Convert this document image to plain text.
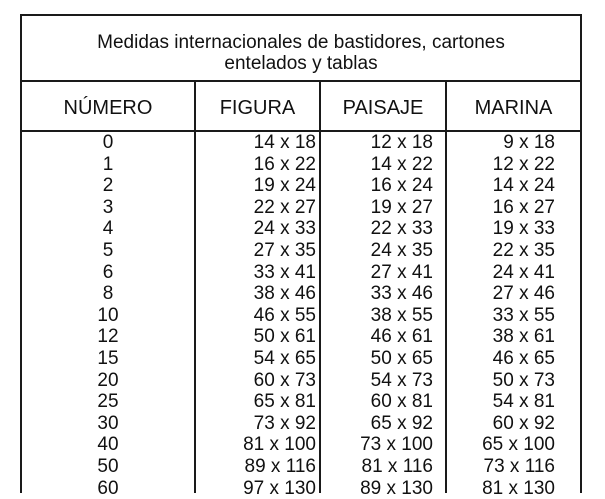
Medidas internacionales de bastidores, cartones
entelados y tablas
NÚMERO	FIGURA	PAISAJE	MARINA
0	14 x 18	12 x 18	9 x 18
1	16 x 22	14 x 22	12 x 22
2	19 x 24	16 x 24	14 x 24
3	22 x 27	19 x 27	16 x 27
4	24 x 33	22 x 33	19 x 33
5	27 x 35	24 x 35	22 x 35
6	33 x 41	27 x 41	24 x 41
8	38 x 46	33 x 46	27 x 46
10	46 x 55	38 x 55	33 x 55
12	50 x 61	46 x 61	38 x 61
15	54 x 65	50 x 65	46 x 65
20	60 x 73	54 x 73	50 x 73
25	65 x 81	60 x 81	54 x 81
30	73 x 92	65 x 92	60 x 92
40	81 x 100	73 x 100	65 x 100
50	89 x 116	81 x 116	73 x 116
60	97 x 130	89 x 130	81 x 130
